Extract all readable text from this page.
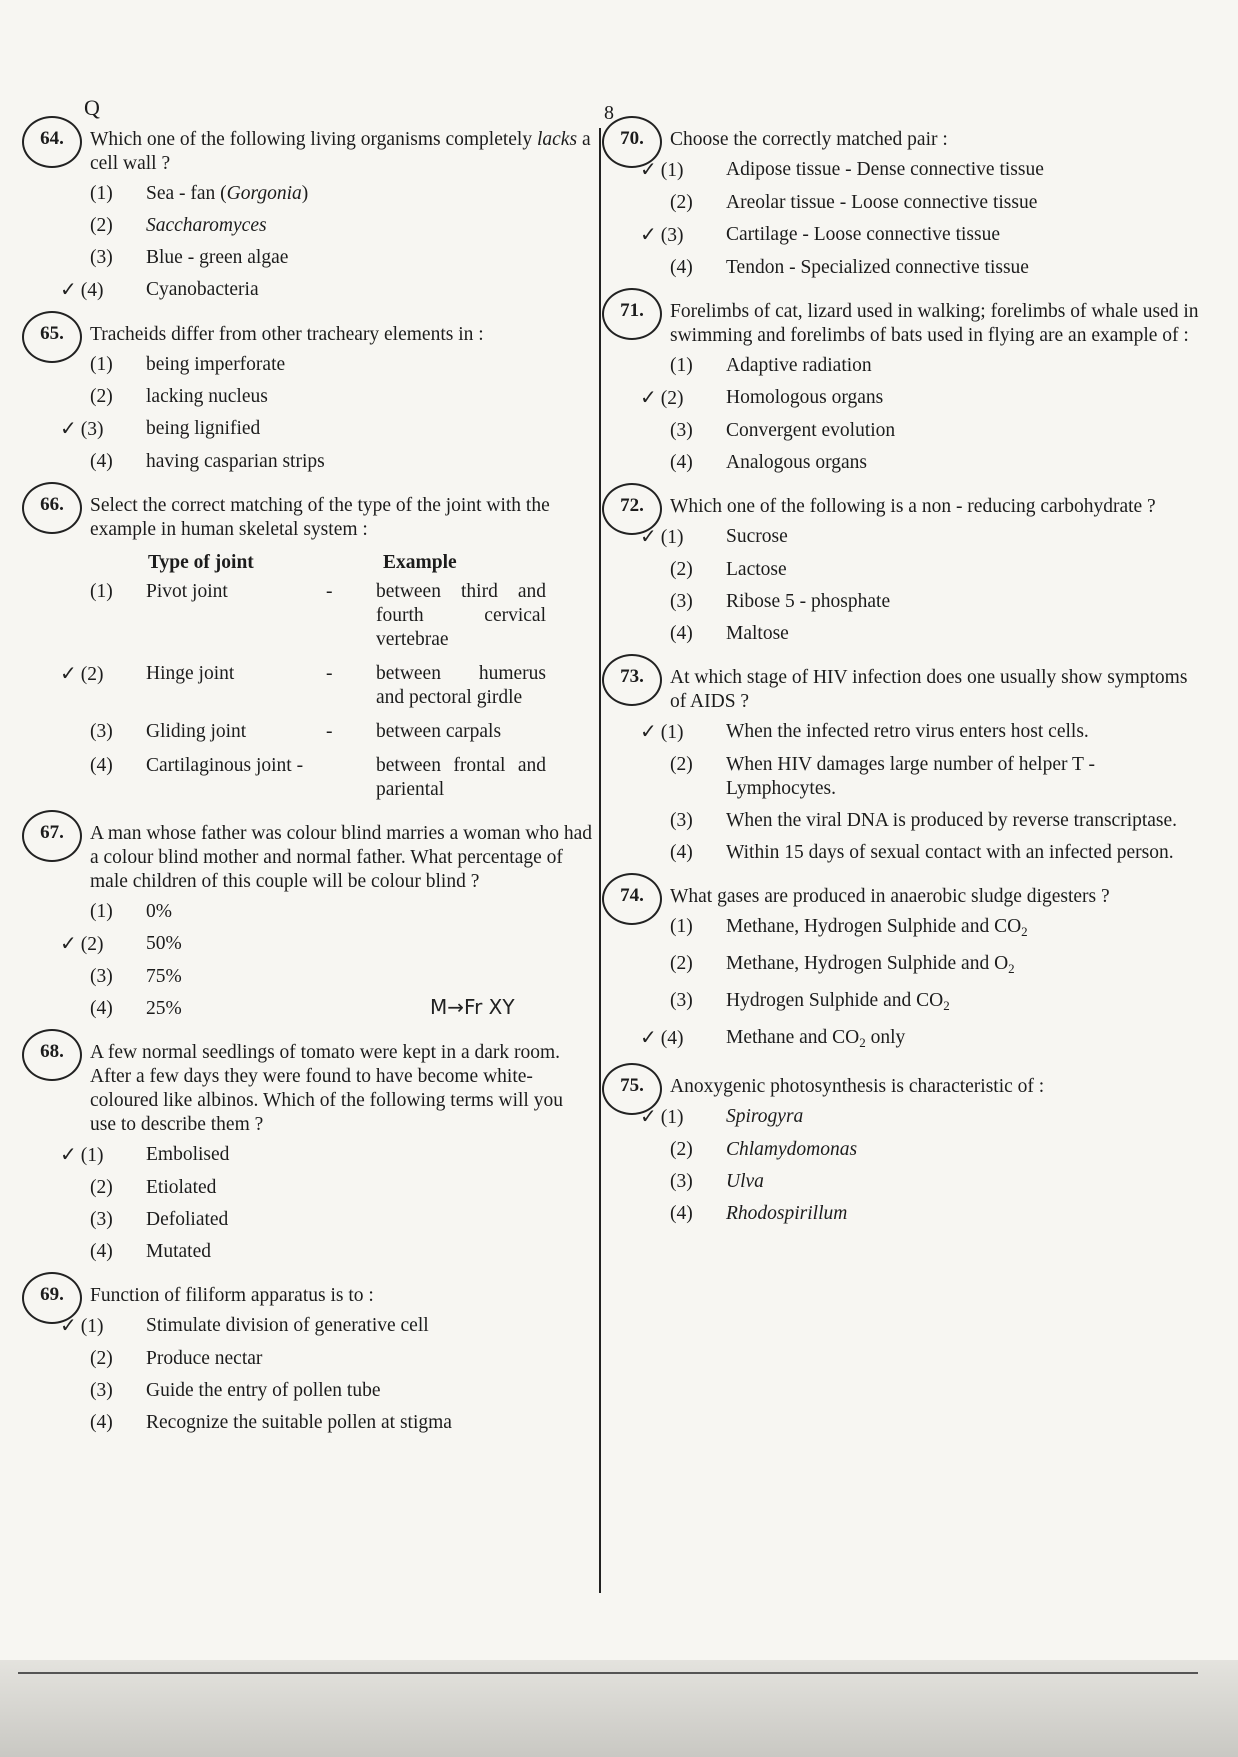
Q	8
64.	Which one of the following living organisms completely lacks a cell wall ?
(1)	Sea - fan (Gorgonia)
(2)	Saccharomyces
(3)	Blue - green algae
✓ (4)	Cyanobacteria
65.	Tracheids differ from other tracheary elements in :
(1)	being imperforate
(2)	lacking nucleus
✓ (3)	being lignified
(4)	having casparian strips
66.	Select the correct matching of the type of the joint with the example in human skeletal system :
Type of joint	Example
(1)	Pivot joint	-	between third and fourth cervical vertebrae
✓ (2)	Hinge joint	-	between humerus and pectoral girdle
(3)	Gliding joint	-	between carpals
(4)	Cartilaginous joint -	between frontal and pariental
67.	A man whose father was colour blind marries a woman who had a colour blind mother and normal father. What percentage of male children of this couple will be colour blind ?
(1)	0%
✓ (2)	50%
(3)	75%
(4)	25%
68.	A few normal seedlings of tomato were kept in a dark room. After a few days they were found to have become white-coloured like albinos. Which of the following terms will you use to describe them ?
✓ (1)	Embolised
(2)	Etiolated
(3)	Defoliated
(4)	Mutated
69.	Function of filiform apparatus is to :
✓ (1)	Stimulate division of generative cell
(2)	Produce nectar
(3)	Guide the entry of pollen tube
(4)	Recognize the suitable pollen at stigma
70.	Choose the correctly matched pair :
✓ (1)	Adipose tissue - Dense connective tissue
(2)	Areolar tissue - Loose connective tissue
✓ (3)	Cartilage - Loose connective tissue
(4)	Tendon - Specialized connective tissue
71.	Forelimbs of cat, lizard used in walking; forelimbs of whale used in swimming and forelimbs of bats used in flying are an example of :
(1)	Adaptive radiation
✓ (2)	Homologous organs
(3)	Convergent evolution
(4)	Analogous organs
72.	Which one of the following is a non - reducing carbohydrate ?
✓ (1)	Sucrose
(2)	Lactose
(3)	Ribose 5 - phosphate
(4)	Maltose
73.	At which stage of HIV infection does one usually show symptoms of AIDS ?
✓ (1)	When the infected retro virus enters host cells.
(2)	When HIV damages large number of helper T - Lymphocytes.
(3)	When the viral DNA is produced by reverse transcriptase.
(4)	Within 15 days of sexual contact with an infected person.
74.	What gases are produced in anaerobic sludge digesters ?
(1)	Methane, Hydrogen Sulphide and $CO_2$
(2)	Methane, Hydrogen Sulphide and $O_2$
(3)	Hydrogen Sulphide and $CO_2$
✓ (4)	Methane and $CO_2$ only
75.	Anoxygenic photosynthesis is characteristic of :
✓ (1)	Spirogyra
(2)	Chlamydomonas
(3)	Ulva
(4)	Rhodospirillum
M→Fr XY
